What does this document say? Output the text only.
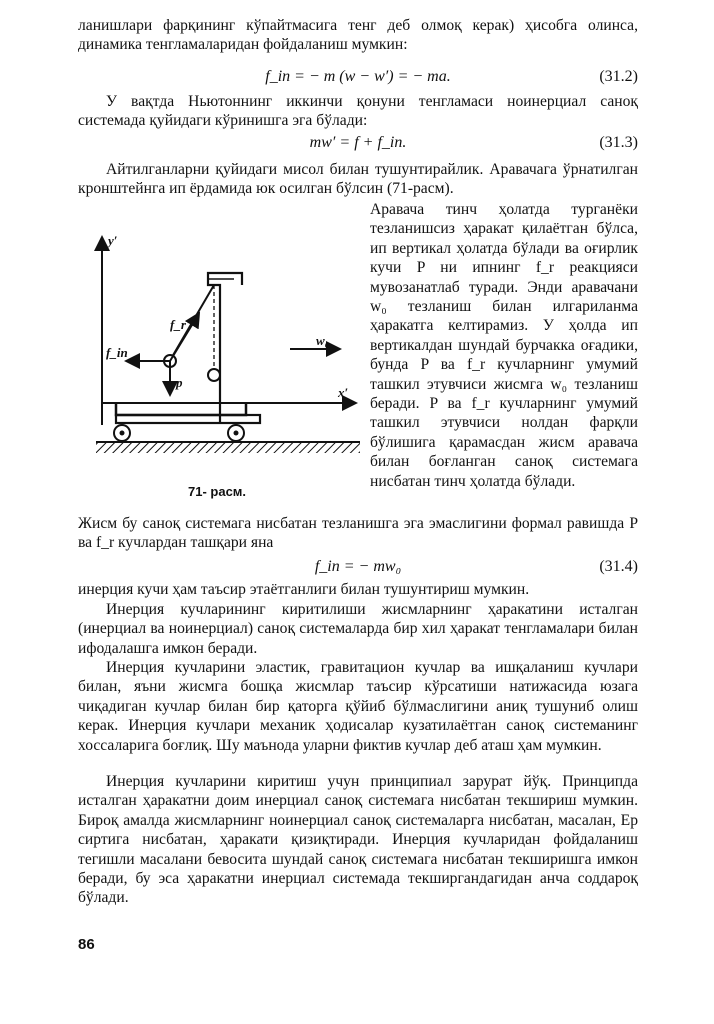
ланишлари фарқининг кўпайтмасига тенг деб олмоқ керак) ҳисобга олинса, динамика тенгламаларидан фойдаланиш мумкин:

f_in = − m (w − w′) = − ma.	(31.2)

У вақтда Ньютоннинг иккинчи қонуни тенгламаси ноинерциал саноқ системада қуйидаги кўринишга эга бўлади:

mw′ = f + f_in.	(31.3)

Айтилганларни қуйидаги мисол билан тушунтирайлик. Аравачага ўрнатилган кронштейнга ип ёрдамида юк осилган бўлсин (71-расм).

Аравача тинч ҳолатда турганёки тезланишсиз ҳаракат қилаётган бўлса, ип вертикал ҳолатда бўлади ва оғирлик кучи P ни ипнинг f_r реакцияси мувозанатлаб туради. Энди аравачани w₀ тезланиш билан илгариланма ҳаракатга келтирамиз. У ҳолда ип вертикалдан шундай бурчакка оғадики, бунда P ва f_r кучларнинг умумий ташкил этувчиси жисмга w₀ тезланиш беради. P ва f_r кучларнинг умумий ташкил этувчиси нолдан фарқли бўлишига қарамасдан жисм аравача билан боғланган саноқ системага нисбатан тинч ҳолатда бўлади.

y′
x′
f_r
f_in
p
w₀
71- расм.

Жисм бу саноқ системага нисбатан тезланишга эга эмаслигини формал равишда P ва f_r кучлардан ташқари яна

f_in = − mw₀	(31.4)

инерция кучи ҳам таъсир этаётганлиги билан тушунтириш мумкин.

Инерция кучларининг киритилиши жисмларнинг ҳаракатини исталган (инерциал ва ноинерциал) саноқ системаларда бир хил ҳаракат тенгламалари билан ифодалашга имкон беради.

Инерция кучларини эластик, гравитацион кучлар ва ишқаланиш кучлари билан, яъни жисмга бошқа жисмлар таъсир кўрсатиши натижасида юзага чиқадиган кучлар билан бир қаторга қўйиб бўлмаслигини аниқ тушуниб олиш керак. Инерция кучлари механик ҳодисалар кузатилаётган саноқ системанинг хоссаларига боғлиқ. Шу маънода уларни фиктив кучлар деб аташ ҳам мумкин.

Инерция кучларини киритиш учун принципиал зарурат йўқ. Принципда исталган ҳаракатни доим инерциал саноқ системага нисбатан текшириш мумкин. Бироқ амалда жисмларнинг ноинерциал саноқ системаларга нисбатан, масалан, Ер сиртига нисбатан, ҳаракати қизиқтиради. Инерция кучларидан фойдаланиш тегишли масалани бевосита шундай саноқ системага нисбатан текширишга имкон беради, бу эса ҳаракатни инерциал системада текширгандагидан анча соддароқ бўлади.

86
